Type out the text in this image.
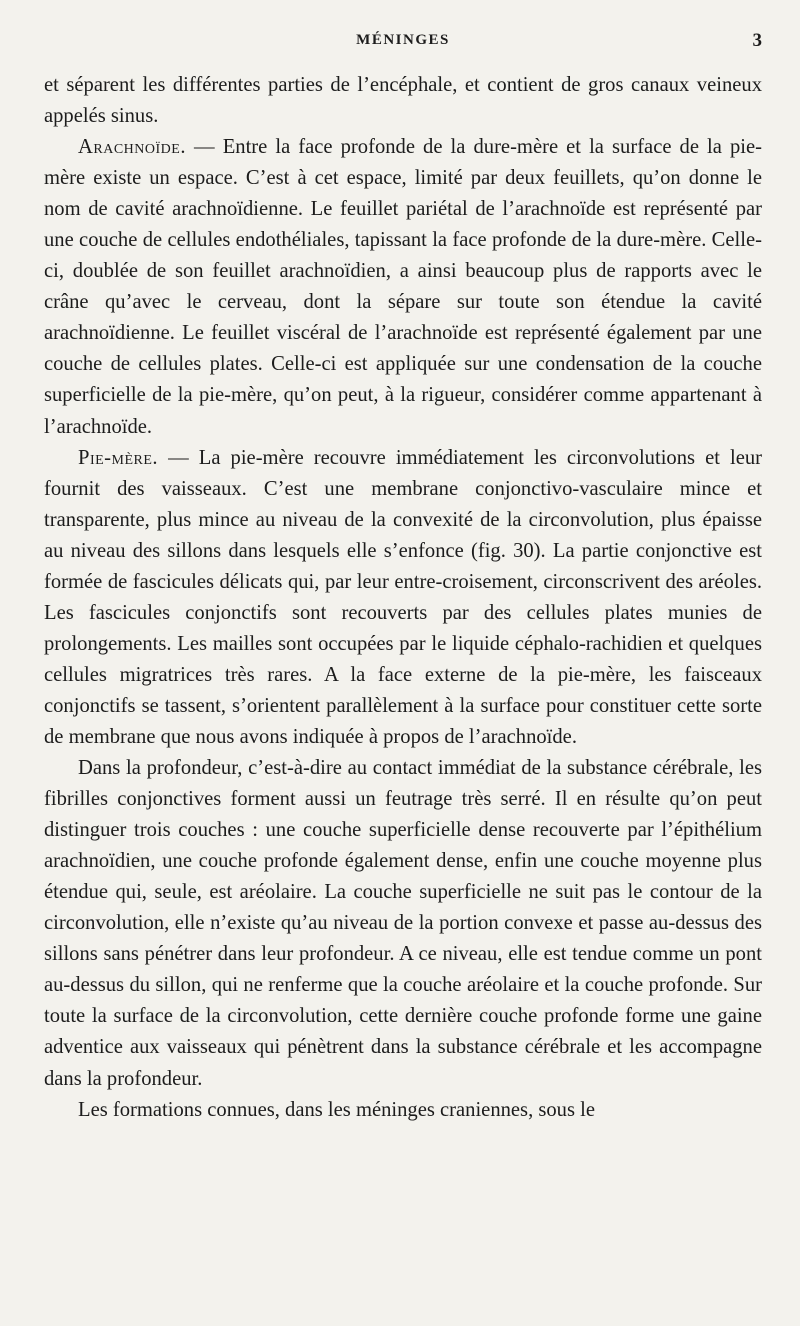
MÉNINGES	3

et séparent les différentes parties de l’encéphale, et contient de gros canaux veineux appelés sinus.

Arachnoïde. — Entre la face profonde de la dure-mère et la surface de la pie-mère existe un espace. C’est à cet espace, limité par deux feuillets, qu’on donne le nom de cavité arachnoïdienne. Le feuillet pariétal de l’arachnoïde est représenté par une couche de cellules endothéliales, tapissant la face profonde de la dure-mère. Celle-ci, doublée de son feuillet arachnoïdien, a ainsi beaucoup plus de rapports avec le crâne qu’avec le cerveau, dont la sépare sur toute son étendue la cavité arachnoïdienne. Le feuillet viscéral de l’arachnoïde est représenté également par une couche de cellules plates. Celle-ci est appliquée sur une condensation de la couche superficielle de la pie-mère, qu’on peut, à la rigueur, considérer comme appartenant à l’arachnoïde.

Pie-mère. — La pie-mère recouvre immédiatement les circonvolutions et leur fournit des vaisseaux. C’est une membrane conjonctivo-vasculaire mince et transparente, plus mince au niveau de la convexité de la circonvolution, plus épaisse au niveau des sillons dans lesquels elle s’enfonce (fig. 30). La partie conjonctive est formée de fascicules délicats qui, par leur entre-croisement, circonscrivent des aréoles. Les fascicules conjonctifs sont recouverts par des cellules plates munies de prolongements. Les mailles sont occupées par le liquide céphalo-rachidien et quelques cellules migratrices très rares. A la face externe de la pie-mère, les faisceaux conjonctifs se tassent, s’orientent parallèlement à la surface pour constituer cette sorte de membrane que nous avons indiquée à propos de l’arachnoïde.

Dans la profondeur, c’est-à-dire au contact immédiat de la substance cérébrale, les fibrilles conjonctives forment aussi un feutrage très serré. Il en résulte qu’on peut distinguer trois couches : une couche superficielle dense recouverte par l’épithélium arachnoïdien, une couche profonde également dense, enfin une couche moyenne plus étendue qui, seule, est aréolaire. La couche superficielle ne suit pas le contour de la circonvolution, elle n’existe qu’au niveau de la portion convexe et passe au-dessus des sillons sans pénétrer dans leur profondeur. A ce niveau, elle est tendue comme un pont au-dessus du sillon, qui ne renferme que la couche aréolaire et la couche profonde. Sur toute la surface de la circonvolution, cette dernière couche profonde forme une gaine adventice aux vaisseaux qui pénètrent dans la substance cérébrale et les accompagne dans la profondeur.

Les formations connues, dans les méninges craniennes, sous le
